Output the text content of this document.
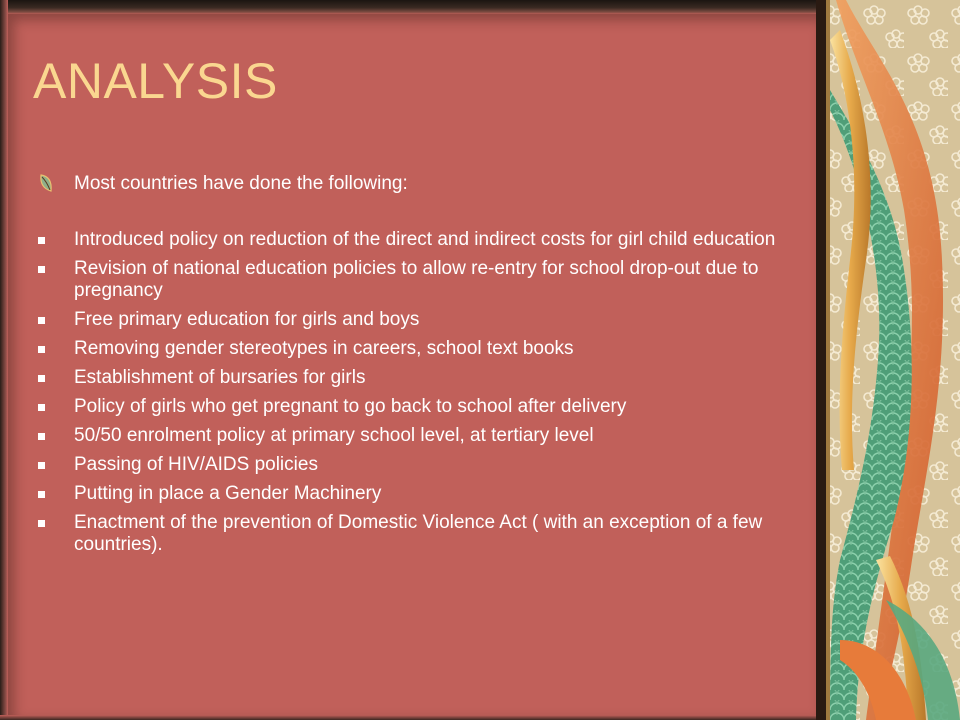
ANALYSIS
Most countries have done the following:
Introduced policy on reduction of the direct and indirect costs for girl child education
Revision of national education policies to allow re-entry for school drop-out due to pregnancy
Free primary education for girls and boys
Removing gender stereotypes in careers, school text books
Establishment of bursaries for girls
Policy of girls who get pregnant to go back to school after delivery
50/50 enrolment policy at primary school level, at tertiary level
Passing of HIV/AIDS policies
Putting in place a Gender Machinery
Enactment of the prevention of Domestic Violence Act ( with an exception of a few countries).
